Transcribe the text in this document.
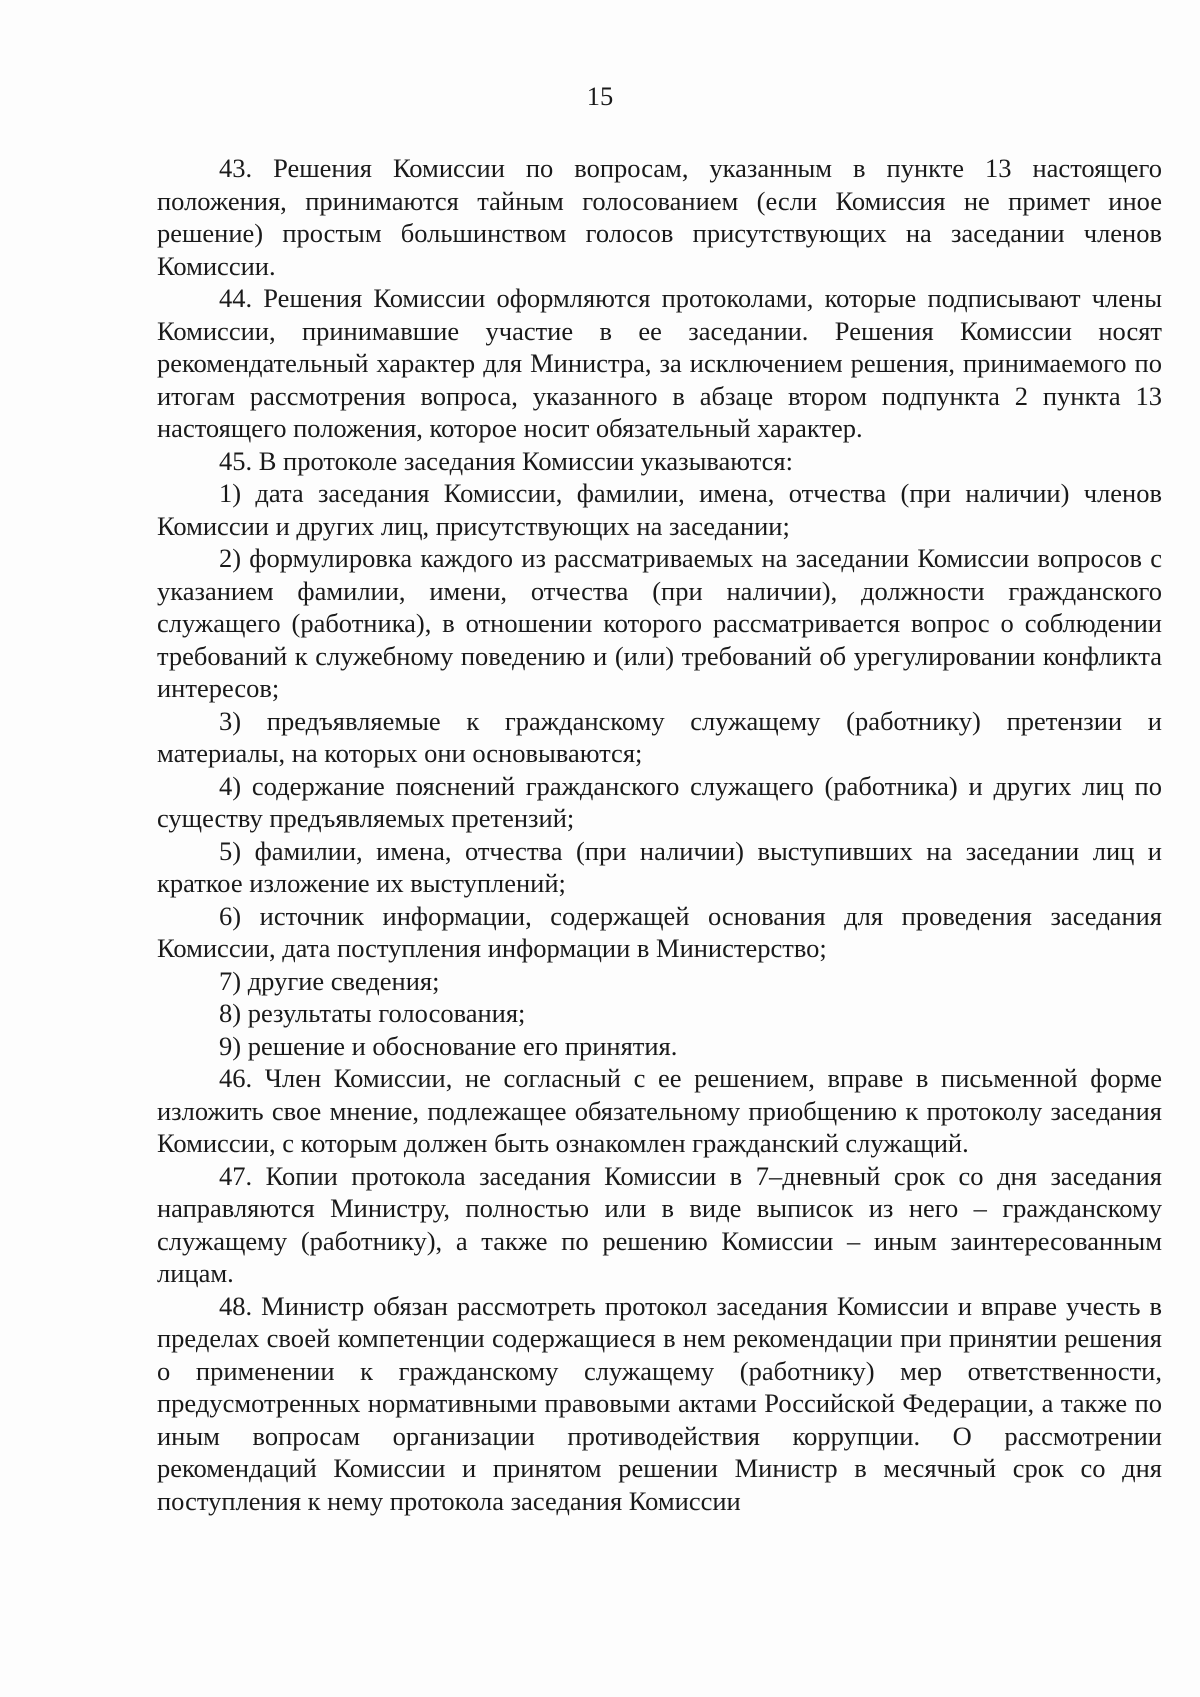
15

43. Решения Комиссии по вопросам, указанным в пункте 13 настоящего положения, принимаются тайным голосованием (если Комиссия не примет иное решение) простым большинством голосов присутствующих на заседании членов Комиссии.

44. Решения Комиссии оформляются протоколами, которые подписывают члены Комиссии, принимавшие участие в ее заседании. Решения Комиссии носят рекомендательный характер для Министра, за исключением решения, принимаемого по итогам рассмотрения вопроса, указанного в абзаце втором подпункта 2 пункта 13 настоящего положения, которое носит обязательный характер.

45. В протоколе заседания Комиссии указываются:

1) дата заседания Комиссии, фамилии, имена, отчества (при наличии) членов Комиссии и других лиц, присутствующих на заседании;

2) формулировка каждого из рассматриваемых на заседании Комиссии вопросов с указанием фамилии, имени, отчества (при наличии), должности гражданского служащего (работника), в отношении которого рассматривается вопрос о соблюдении требований к служебному поведению и (или) требований об урегулировании конфликта интересов;

3) предъявляемые к гражданскому служащему (работнику) претензии и материалы, на которых они основываются;

4) содержание пояснений гражданского служащего (работника) и других лиц по существу предъявляемых претензий;

5) фамилии, имена, отчества (при наличии) выступивших на заседании лиц и краткое изложение их выступлений;

6) источник информации, содержащей основания для проведения заседания Комиссии, дата поступления информации в Министерство;

7) другие сведения;

8) результаты голосования;

9) решение и обоснование его принятия.

46. Член Комиссии, не согласный с ее решением, вправе в письменной форме изложить свое мнение, подлежащее обязательному приобщению к протоколу заседания Комиссии, с которым должен быть ознакомлен гражданский служащий.

47. Копии протокола заседания Комиссии в 7–дневный срок со дня заседания направляются Министру, полностью или в виде выписок из него – гражданскому служащему (работнику), а также по решению Комиссии – иным заинтересованным лицам.

48. Министр обязан рассмотреть протокол заседания Комиссии и вправе учесть в пределах своей компетенции содержащиеся в нем рекомендации при принятии решения о применении к гражданскому служащему (работнику) мер ответственности, предусмотренных нормативными правовыми актами Российской Федерации, а также по иным вопросам организации противодействия коррупции. О рассмотрении рекомендаций Комиссии и принятом решении Министр в месячный срок со дня поступления к нему протокола заседания Комиссии
